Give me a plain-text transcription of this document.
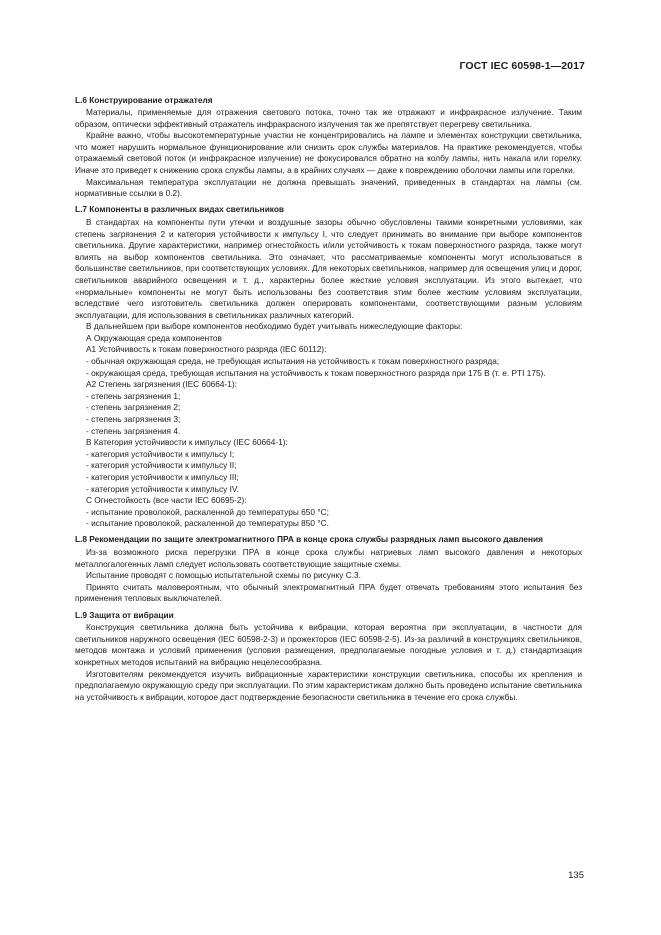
ГОСТ IEC 60598-1—2017

L.6 Конструирование отражателя

Материалы, применяемые для отражения светового потока, точно так же отражают и инфракрасное излучение. Таким образом, оптически эффективный отражатель инфракрасного излучения так же препятствует перегреву светильника.

Крайне важно, чтобы высокотемпературные участки не концентрировались на лампе и элементах конструкции светильника, что может нарушить нормальное функционирование или снизить срок службы материалов. На практике рекомендуется, чтобы отражаемый световой поток (и инфракрасное излучение) не фокусировался обратно на колбу лампы, нить накала или горелку. Иначе это приведет к снижению срока службы лампы, а в крайних случаях — даже к повреждению оболочки лампы или горелки.

Максимальная температура эксплуатации не должна превышать значений, приведенных в стандартах на лампы (см. нормативные ссылки в 0.2).

L.7 Компоненты в различных видах светильников

В стандартах на компоненты пути утечки и воздушные зазоры обычно обусловлены такими конкретными условиями, как степень загрязнения 2 и категория устойчивости к импульсу I, что следует принимать во внимание при выборе компонентов светильника. Другие характеристики, например огнестойкость и/или устойчивость к токам поверхностного разряда, также могут влиять на выбор компонентов светильника. Это означает, что рассматриваемые компоненты могут использоваться в большинстве светильников, при соответствующих условиях. Для некоторых светильников, например для освещения улиц и дорог, светильников аварийного освещения и т. д., характерны более жесткие условия эксплуатации. Из этого вытекает, что «нормальные» компоненты не могут быть использованы без соответствия этим более жестким условиям эксплуатации, вследствие чего изготовитель светильника должен оперировать компонентами, соответствующими разным условиям эксплуатации, для использования в светильниках различных категорий.

В дальнейшем при выборе компонентов необходимо будет учитывать нижеследующие факторы:

А Окружающая среда компонентов

А1 Устойчивость к токам поверхностного разряда (IEC 60112):

- обычная окружающая среда, не требующая испытания на устойчивость к токам поверхностного разряда;

- окружающая среда, требующая испытания на устойчивость к токам поверхностного разряда при 175 В (т. е. PTI 175).

А2 Степень загрязнения (IEC 60664-1):

- степень загрязнения 1;

- степень загрязнения 2;

- степень загрязнения 3;

- степень загрязнения 4.

В Категория устойчивости к импульсу (IEC 60664-1):

- категория устойчивости к импульсу I;

- категория устойчивости к импульсу II;

- категория устойчивости к импульсу III;

- категория устойчивости к импульсу IV.

С Огнестойкость (все части IEC 60695-2):

- испытание проволокой, раскаленной до температуры 650 °С;

- испытание проволокой, раскаленной до температуры 850 °С.

L.8 Рекомендации по защите электромагнитного ПРА в конце срока службы разрядных ламп высокого давления

Из-за возможного риска перегрузки ПРА в конце срока службы натриевых ламп высокого давления и некоторых металлогалогенных ламп следует использовать соответствующие защитные схемы.

Испытание проводят с помощью испытательной схемы по рисунку С.3.

Принято считать маловероятным, что обычный электромагнитный ПРА будет отвечать требованиям этого испытания без применения тепловых выключателей.

L.9 Защита от вибрации

Конструкция светильника должна быть устойчива к вибрации, которая вероятна при эксплуатации, в частности для светильников наружного освещения (IEC 60598-2-3) и прожекторов (IEC 60598-2-5). Из-за различий в конструкциях светильников, методов монтажа и условий применения (условия размещения, предполагаемые погодные условия и т. д.) стандартизация конкретных методов испытаний на вибрацию нецелесообразна.

Изготовителям рекомендуется изучить вибрационные характеристики конструкции светильника, способы их крепления и предполагаемую окружающую среду при эксплуатации. По этим характеристикам должно быть проведено испытание светильника на устойчивость к вибрации, которое даст подтверждение безопасности светильника в течение его срока службы.

135
